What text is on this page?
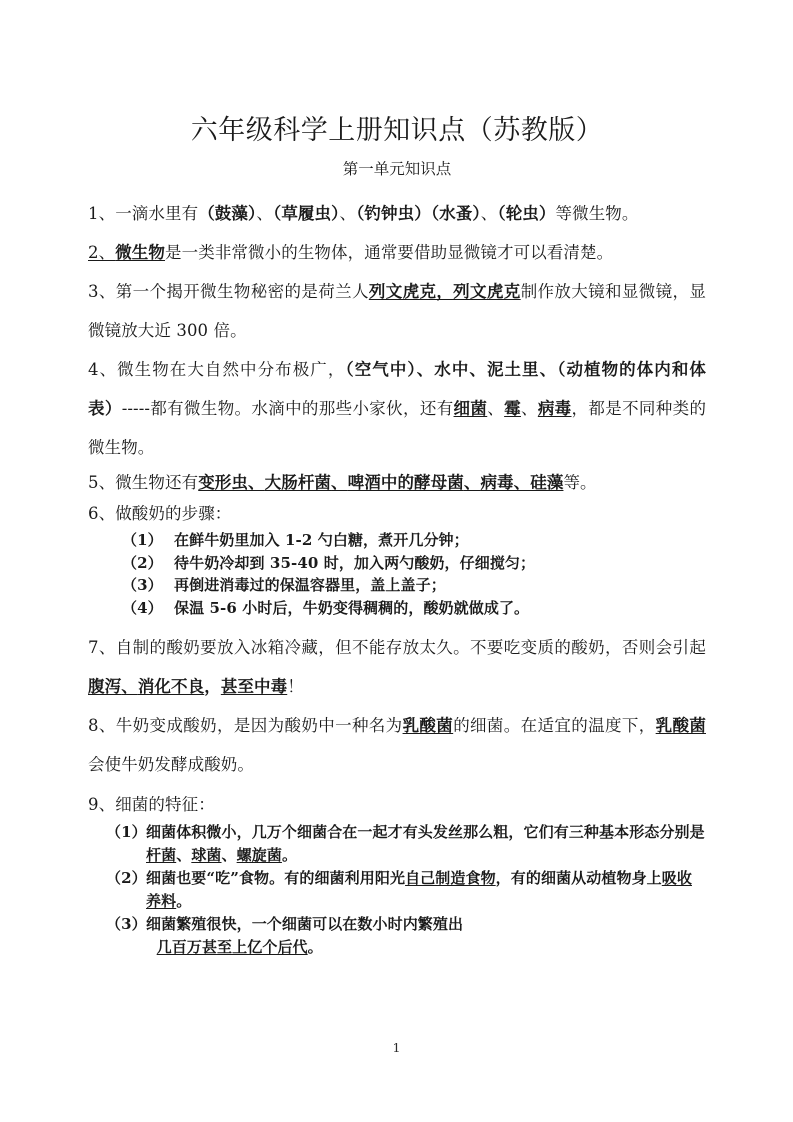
六年级科学上册知识点（苏教版）
第一单元知识点

1、一滴水里有（鼓藻）、（草履虫）、（钓钟虫）（水蚤）、（轮虫）等微生物。

2、微生物是一类非常微小的生物体，通常要借助显微镜才可以看清楚。

3、第一个揭开微生物秘密的是荷兰人列文虎克，列文虎克制作放大镜和显微镜，显微镜放大近 300 倍。

4、微生物在大自然中分布极广，（空气中）、水中、泥土里、（动植物的体内和体表）-----都有微生物。水滴中的那些小家伙，还有细菌、霉、病毒，都是不同种类的微生物。

5、微生物还有变形虫、大肠杆菌、啤酒中的酵母菌、病毒、硅藻等。

6、做酸奶的步骤：

（1） 在鲜牛奶里加入 1-2 勺白糖，煮开几分钟；
（2） 待牛奶冷却到 35-40 时，加入两勺酸奶，仔细搅匀；
（3） 再倒进消毒过的保温容器里，盖上盖子；
（4） 保温 5-6 小时后，牛奶变得稠稠的，酸奶就做成了。

7、自制的酸奶要放入冰箱冷藏，但不能存放太久。不要吃变质的酸奶，否则会引起腹泻、消化不良，甚至中毒！

8、牛奶变成酸奶，是因为酸奶中一种名为乳酸菌的细菌。在适宜的温度下，乳酸菌会使牛奶发酵成酸奶。

9、细菌的特征：

（1）细菌体积微小，几万个细菌合在一起才有头发丝那么粗，它们有三种基本形态分别是杆菌、球菌、螺旋菌。
（2）细菌也要“吃”食物。有的细菌利用阳光自己制造食物，有的细菌从动植物身上吸收养料。
（3）细菌繁殖很快，一个细菌可以在数小时内繁殖出
几百万甚至上亿个后代。
1
